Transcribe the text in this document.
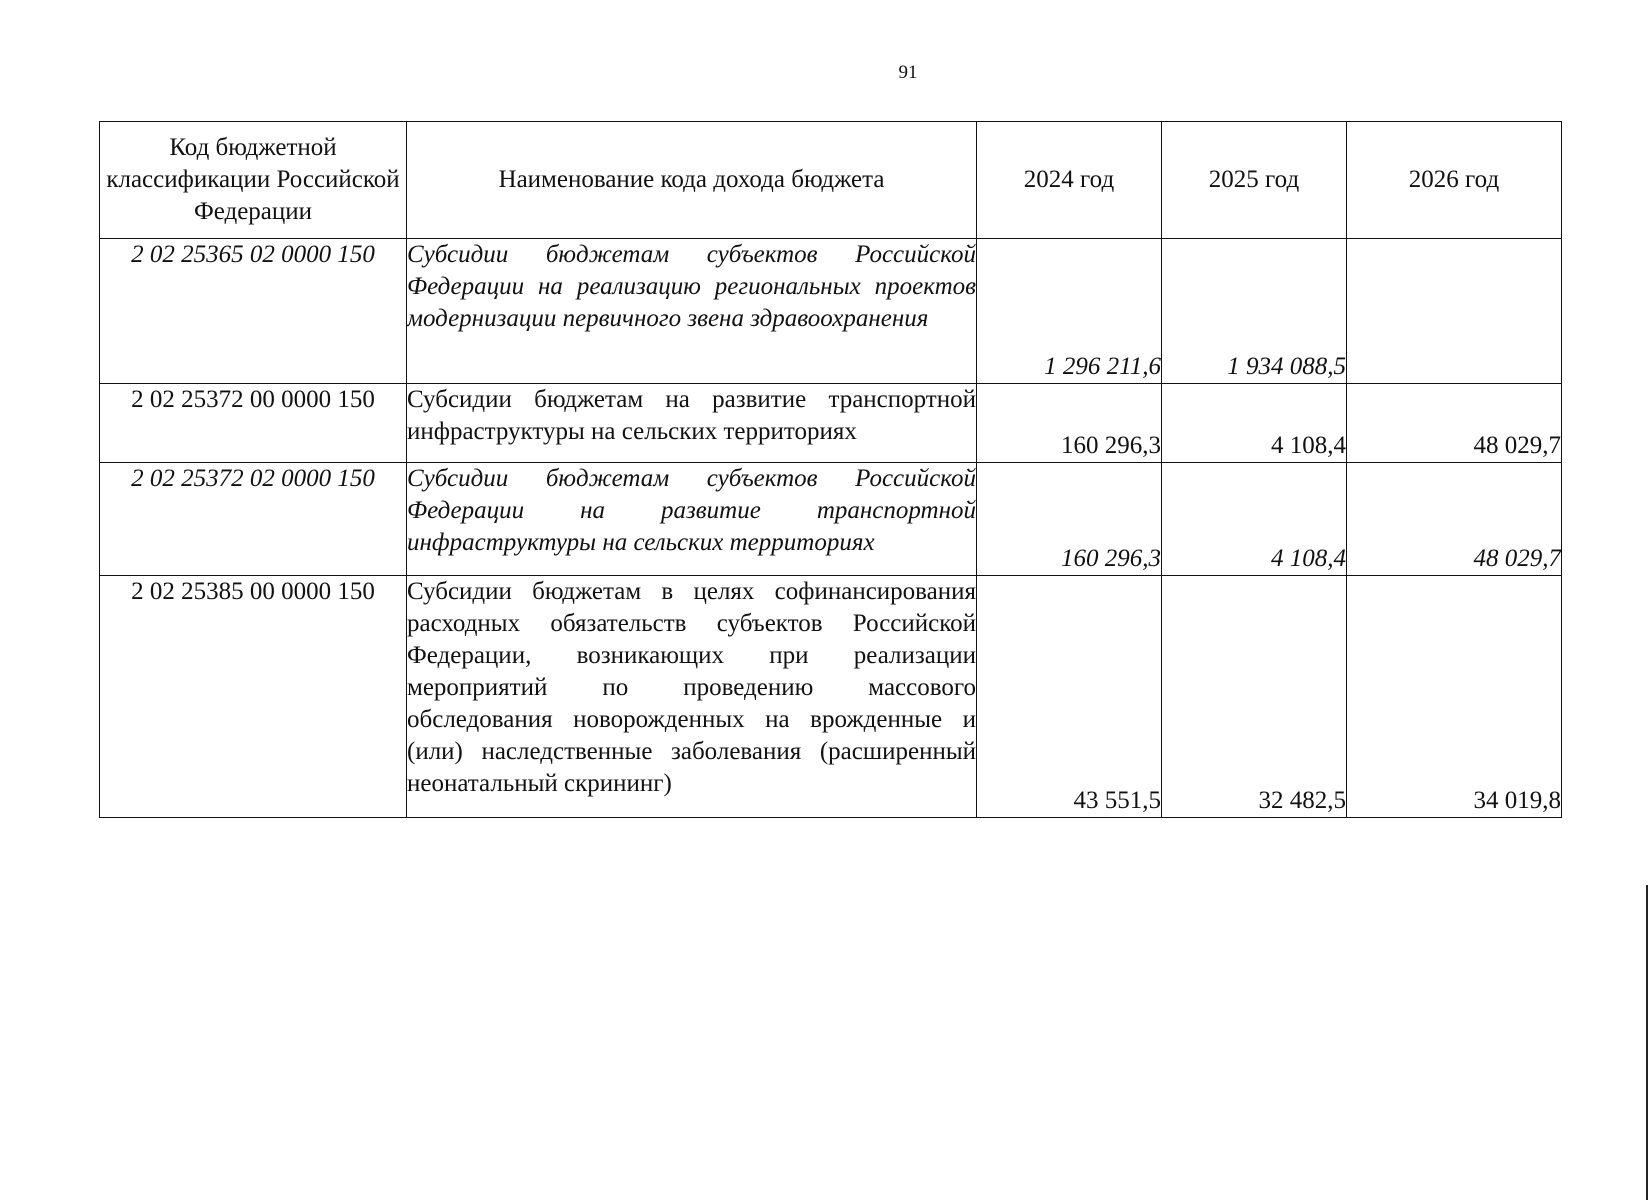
91
Код бюджетной классификации Российской Федерации	Наименование кода дохода бюджета	2024 год	2025 год	2026 год
2 02 25365 02 0000 150	Субсидии бюджетам субъектов Российской Федерации на реализацию региональных проектов модернизации первичного звена здравоохранения	1 296 211,6	1 934 088,5	
2 02 25372 00 0000 150	Субсидии бюджетам на развитие транспортной инфраструктуры на сельских территориях	160 296,3	4 108,4	48 029,7
2 02 25372 02 0000 150	Субсидии бюджетам субъектов Российской Федерации на развитие транспортной инфраструктуры на сельских территориях	160 296,3	4 108,4	48 029,7
2 02 25385 00 0000 150	Субсидии бюджетам в целях софинансирования расходных обязательств субъектов Российской Федерации, возникающих при реализации мероприятий по проведению массового обследования новорожденных на врожденные и (или) наследственные заболевания (расширенный неонатальный скрининг)	43 551,5	32 482,5	34 019,8
